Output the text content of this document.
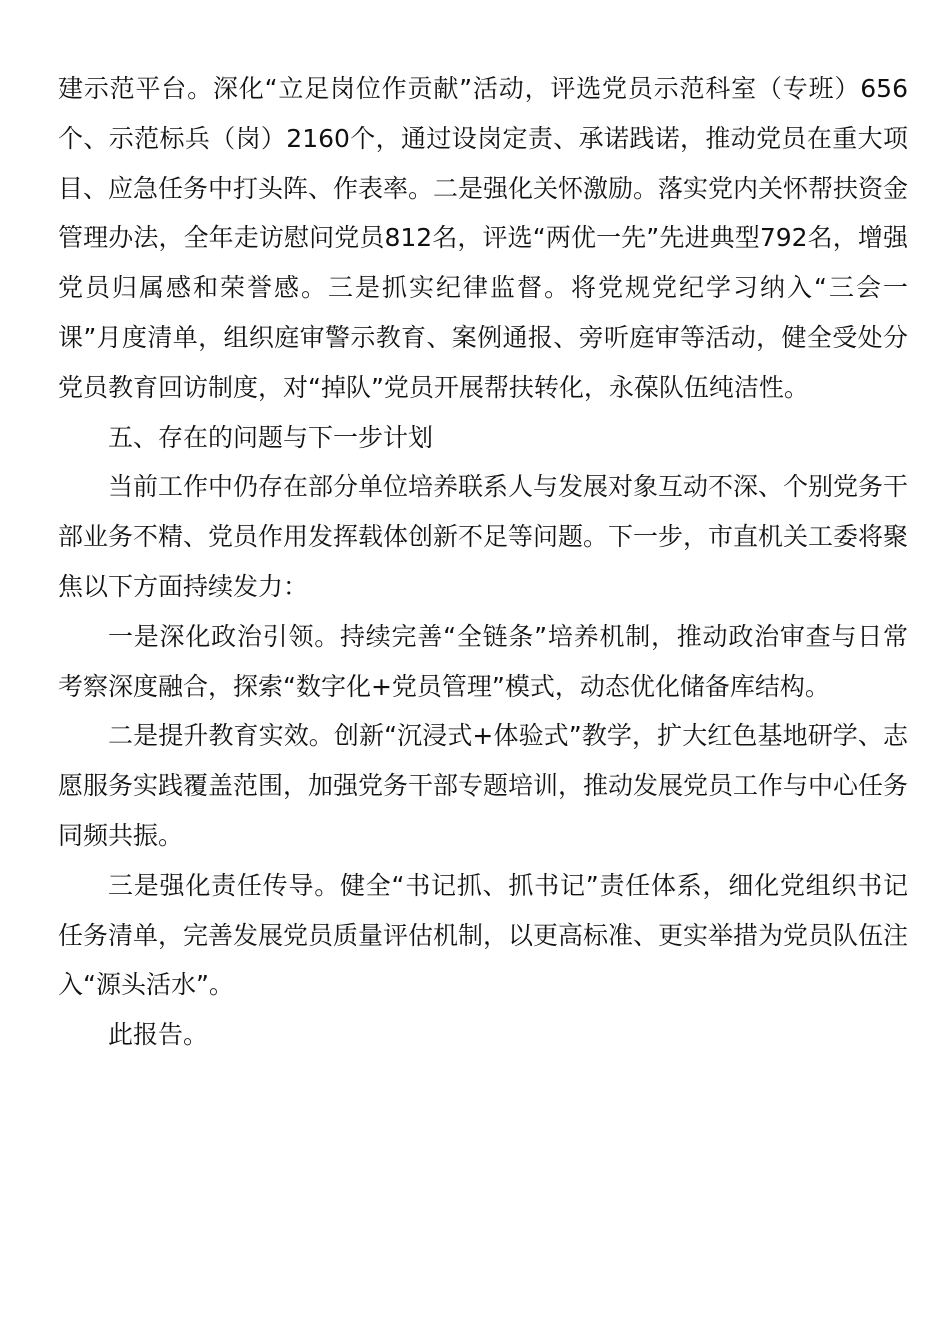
建示范平台。深化“立足岗位作贡献”活动，评选党员示范科室（专班）656个、示范标兵（岗）2160个，通过设岗定责、承诺践诺，推动党员在重大项目、应急任务中打头阵、作表率。二是强化关怀激励。落实党内关怀帮扶资金管理办法，全年走访慰问党员812名，评选“两优一先”先进典型792名，增强党员归属感和荣誉感。三是抓实纪律监督。将党规党纪学习纳入“三会一课”月度清单，组织庭审警示教育、案例通报、旁听庭审等活动，健全受处分党员教育回访制度，对“掉队”党员开展帮扶转化，永葆队伍纯洁性。

五、存在的问题与下一步计划

当前工作中仍存在部分单位培养联系人与发展对象互动不深、个别党务干部业务不精、党员作用发挥载体创新不足等问题。下一步，市直机关工委将聚焦以下方面持续发力：

一是深化政治引领。持续完善“全链条”培养机制，推动政治审查与日常考察深度融合，探索“数字化+党员管理”模式，动态优化储备库结构。

二是提升教育实效。创新“沉浸式+体验式”教学，扩大红色基地研学、志愿服务实践覆盖范围，加强党务干部专题培训，推动发展党员工作与中心任务同频共振。

三是强化责任传导。健全“书记抓、抓书记”责任体系，细化党组织书记任务清单，完善发展党员质量评估机制，以更高标准、更实举措为党员队伍注入“源头活水”。

此报告。
